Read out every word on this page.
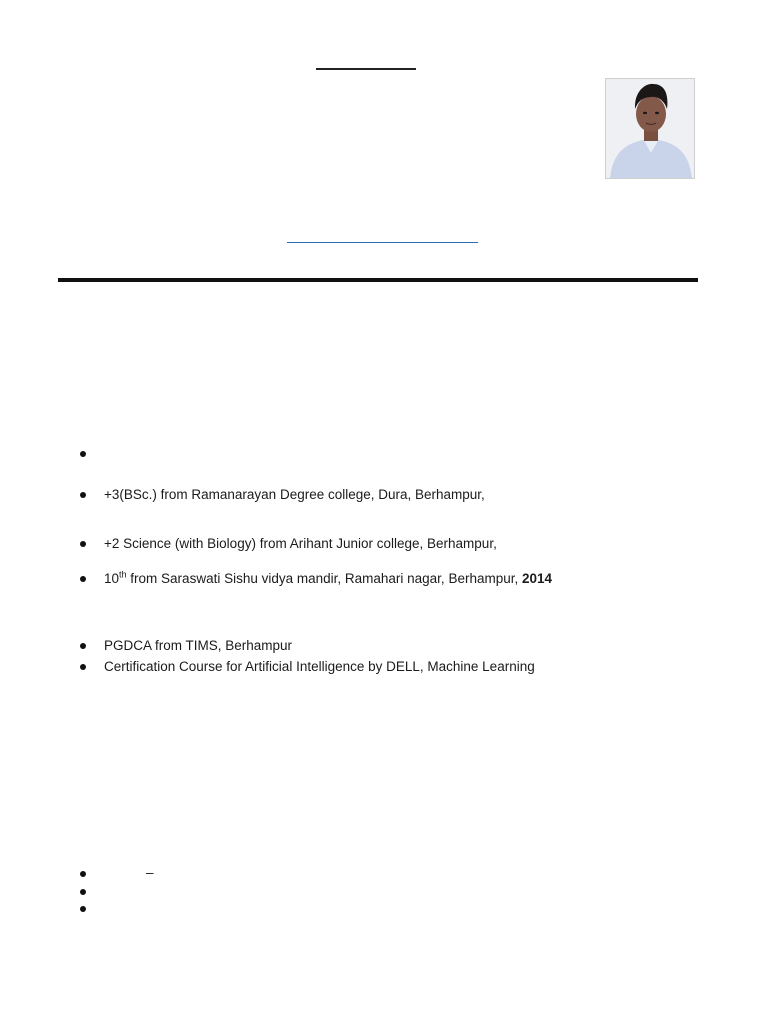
+3(BSc.) from Ramanarayan Degree college, Dura, Berhampur,
+2 Science (with Biology) from Arihant Junior college, Berhampur,
10th from Saraswati Sishu vidya mandir, Ramahari nagar, Berhampur, 2014
PGDCA from TIMS, Berhampur
Certification Course for Artificial Intelligence by DELL, Machine Learning
–
